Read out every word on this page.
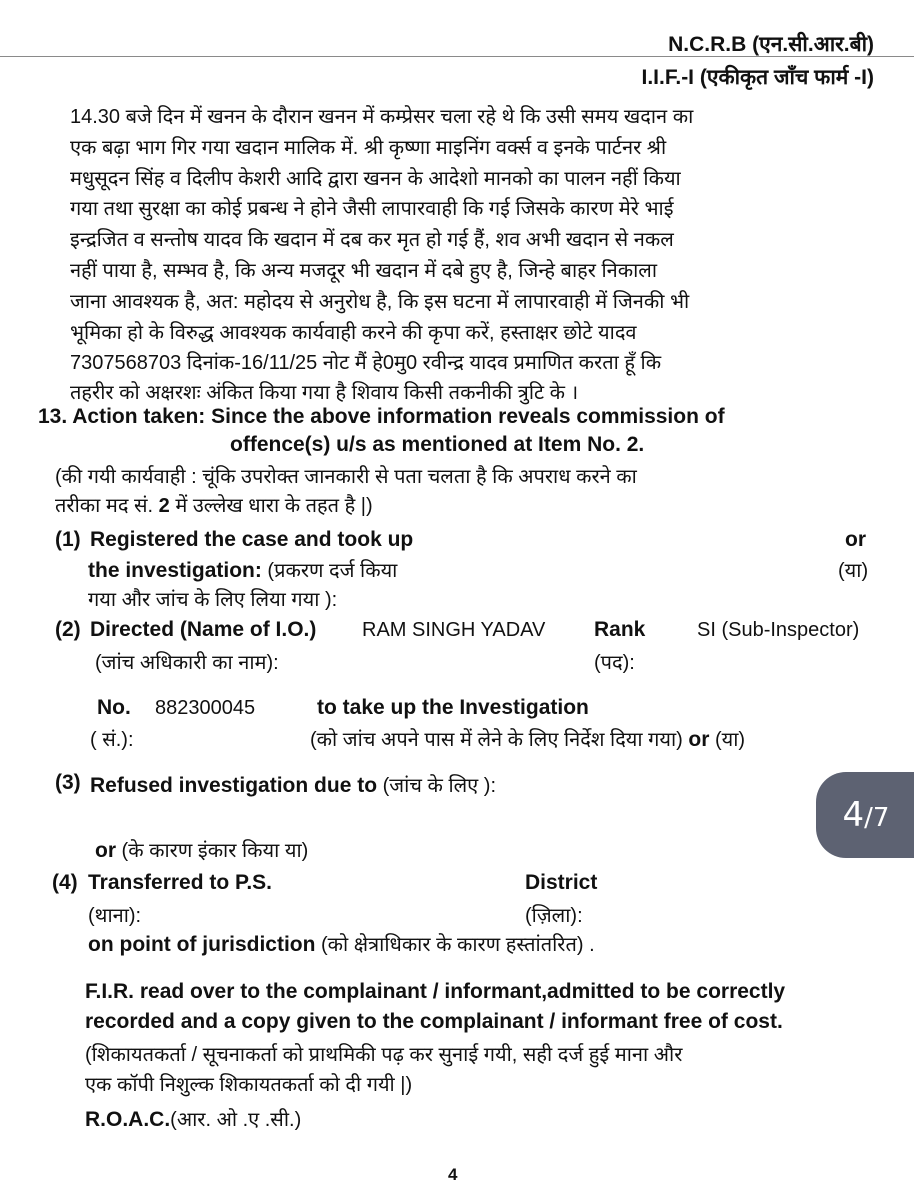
N.C.R.B (एन.सी.आर.बी)
I.I.F.-I (एकीकृत जाँच फार्म -I)
14.30 बजे दिन में खनन के दौरान खनन में कम्प्रेसर चला रहे थे कि उसी समय खदान का
एक बढ़ा भाग गिर गया खदान मालिक में. श्री कृष्णा माइनिंग वर्क्स व इनके पार्टनर श्री
मधुसूदन सिंह व दिलीप केशरी आदि द्वारा खनन के आदेशो मानको का पालन नहीं किया
गया तथा सुरक्षा का कोई प्रबन्ध ने होने जैसी लापारवाही कि गई जिसके कारण मेरे भाई
इन्द्रजित व सन्तोष यादव कि खदान में दब कर मृत हो गई हैं, शव अभी खदान से नकल
नहीं पाया है, सम्भव है, कि अन्य मजदूर भी खदान में दबे हुए है, जिन्हे बाहर निकाला
जाना आवश्यक है, अत: महोदय से अनुरोध है, कि इस घटना में लापारवाही में जिनकी भी
भूमिका हो के विरुद्ध आवश्यक कार्यवाही करने की कृपा करें, हस्ताक्षर छोटे यादव
7307568703 दिनांक-16/11/25 नोट मैं हे0मु0 रवीन्द्र यादव प्रमाणित करता हूँ कि
तहरीर को अक्षरशः अंकित किया गया है शिवाय किसी तकनीकी त्रुटि के ।
13. Action taken: Since the above information reveals commission of
offence(s) u/s as mentioned at Item No. 2.
(की गयी कार्यवाही : चूंकि उपरोक्त जानकारी से पता चलता है कि अपराध करने का
तरीका मद सं. 2 में उल्लेख धारा के तहत है |)
(1) Registered the case and took up	or
the investigation: (प्रकरण दर्ज किया	(या)
गया और जांच के लिए लिया गया ):
(2) Directed (Name of I.O.) RAM SINGH YADAV Rank	SI (Sub-Inspector)
(जांच अधिकारी का नाम):	(पद):
No. 882300045	to take up the Investigation
( सं.):	(को जांच अपने पास में लेने के लिए निर्देश दिया गया) or (या)
(3) Refused investigation due to (जांच के लिए ):
or (के कारण इंकार किया या)
(4) Transferred to P.S.	District
(थाना):	(ज़िला):
on point of jurisdiction (को क्षेत्राधिकार के कारण हस्तांतरित) .
F.I.R. read over to the complainant / informant,admitted to be correctly
recorded and a copy given to the complainant / informant free of cost.
(शिकायतकर्ता / सूचनाकर्ता को प्राथमिकी पढ़ कर सुनाई गयी, सही दर्ज हुई माना और
एक कॉपी निशुल्क शिकायतकर्ता को दी गयी |)
R.O.A.C.(आर. ओ .ए .सी.)
4
4 / 7
